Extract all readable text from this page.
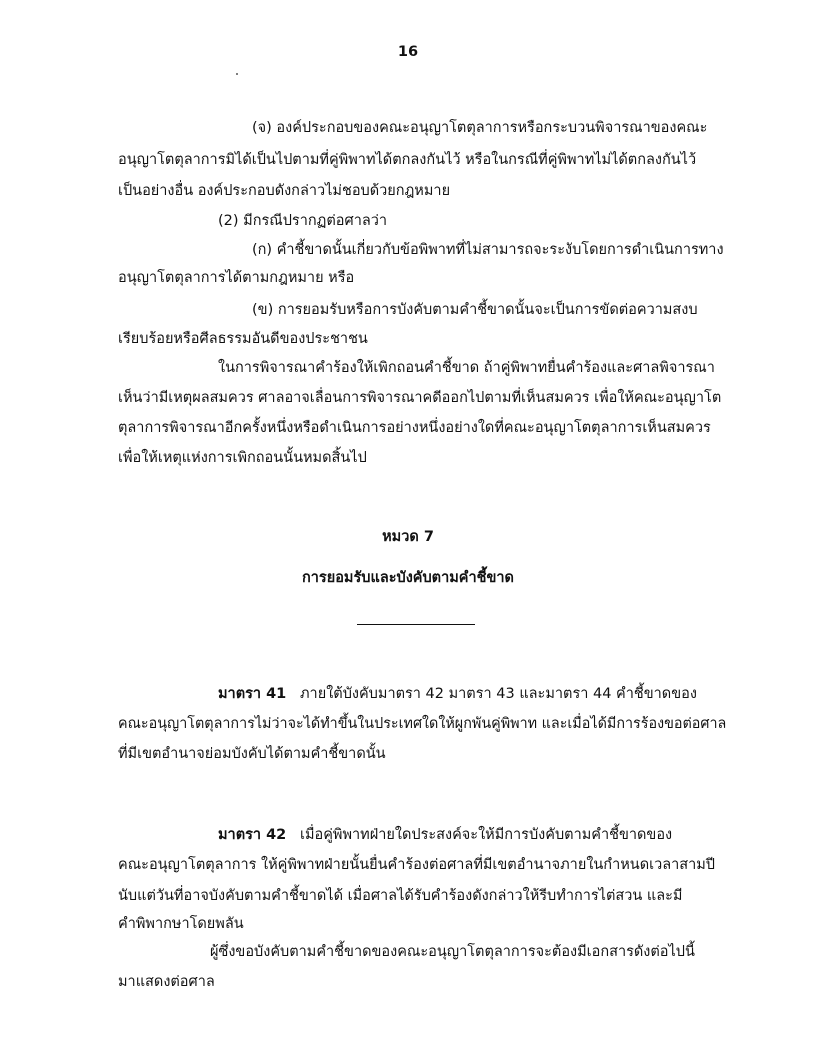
16
(จ) องค์ประกอบของคณะอนุญาโตตุลาการหรือกระบวนพิจารณาของคณะ
อนุญาโตตุลาการมิได้เป็นไปตามที่คู่พิพาทได้ตกลงกันไว้ หรือในกรณีที่คู่พิพาทไม่ได้ตกลงกันไว้
เป็นอย่างอื่น องค์ประกอบดังกล่าวไม่ชอบด้วยกฎหมาย
(2) มีกรณีปรากฏต่อศาลว่า
(ก) คำชี้ขาดนั้นเกี่ยวกับข้อพิพาทที่ไม่สามารถจะระงับโดยการดำเนินการทาง
อนุญาโตตุลาการได้ตามกฎหมาย หรือ
(ข) การยอมรับหรือการบังคับตามคำชี้ขาดนั้นจะเป็นการขัดต่อความสงบ
เรียบร้อยหรือศีลธรรมอันดีของประชาชน
ในการพิจารณาคำร้องให้เพิกถอนคำชี้ขาด ถ้าคู่พิพาทยื่นคำร้องและศาลพิจารณา
เห็นว่ามีเหตุผลสมควร ศาลอาจเลื่อนการพิจารณาคดีออกไปตามที่เห็นสมควร เพื่อให้คณะอนุญาโต
ตุลาการพิจารณาอีกครั้งหนึ่งหรือดำเนินการอย่างหนึ่งอย่างใดที่คณะอนุญาโตตุลาการเห็นสมควร
เพื่อให้เหตุแห่งการเพิกถอนนั้นหมดสิ้นไป
หมวด 7
การยอมรับและบังคับตามคำชี้ขาด
มาตรา 41 ภายใต้บังคับมาตรา 42 มาตรา 43 และมาตรา 44 คำชี้ขาดของ
คณะอนุญาโตตุลาการไม่ว่าจะได้ทำขึ้นในประเทศใดให้ผูกพันคู่พิพาท และเมื่อได้มีการร้องขอต่อศาล
ที่มีเขตอำนาจย่อมบังคับได้ตามคำชี้ขาดนั้น
มาตรา 42 เมื่อคู่พิพาทฝ่ายใดประสงค์จะให้มีการบังคับตามคำชี้ขาดของ
คณะอนุญาโตตุลาการ ให้คู่พิพาทฝ่ายนั้นยื่นคำร้องต่อศาลที่มีเขตอำนาจภายในกำหนดเวลาสามปี
นับแต่วันที่อาจบังคับตามคำชี้ขาดได้ เมื่อศาลได้รับคำร้องดังกล่าวให้รีบทำการไต่สวน และมี
คำพิพากษาโดยพลัน
ผู้ซึ่งขอบังคับตามคำชี้ขาดของคณะอนุญาโตตุลาการจะต้องมีเอกสารดังต่อไปนี้
มาแสดงต่อศาล
